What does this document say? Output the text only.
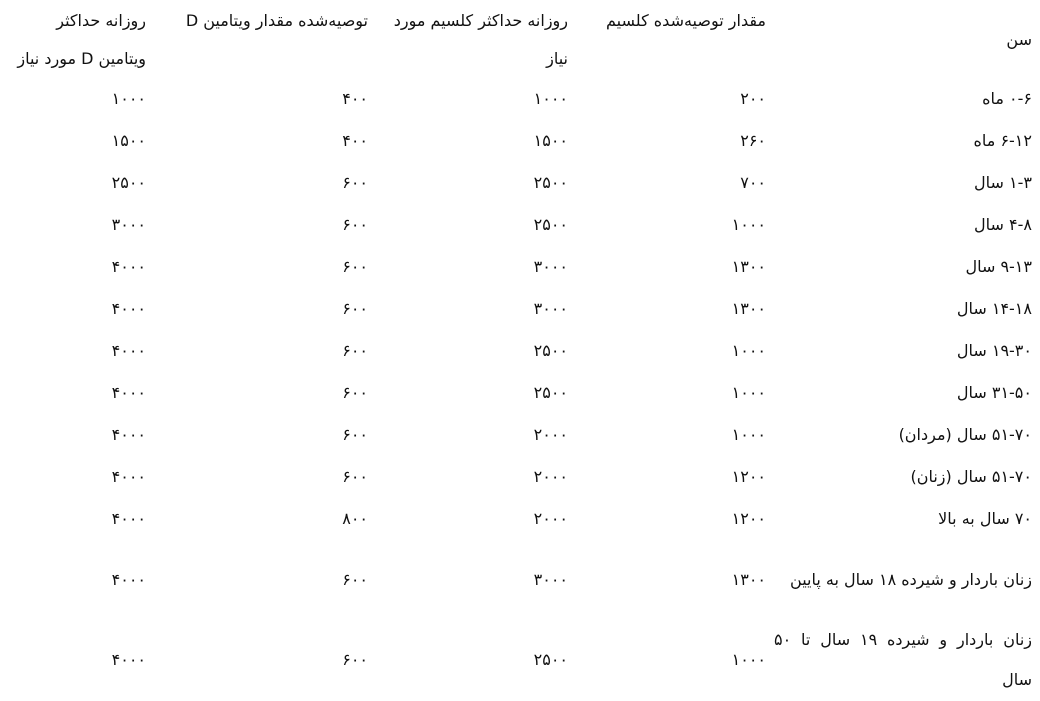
سن	مقدار توصیه‌شده کلسیم	روزانه حداکثر کلسیم مورد نیاز	توصیه‌شده مقدار ویتامین D	روزانه حداکثر ویتامین D مورد نیاز
۰-۶ ماه	۲۰۰	۱۰۰۰	۴۰۰	۱۰۰۰
۶-۱۲ ماه	۲۶۰	۱۵۰۰	۴۰۰	۱۵۰۰
۱-۳ سال	۷۰۰	۲۵۰۰	۶۰۰	۲۵۰۰
۴-۸ سال	۱۰۰۰	۲۵۰۰	۶۰۰	۳۰۰۰
۹-۱۳ سال	۱۳۰۰	۳۰۰۰	۶۰۰	۴۰۰۰
۱۴-۱۸ سال	۱۳۰۰	۳۰۰۰	۶۰۰	۴۰۰۰
۱۹-۳۰ سال	۱۰۰۰	۲۵۰۰	۶۰۰	۴۰۰۰
۳۱-۵۰ سال	۱۰۰۰	۲۵۰۰	۶۰۰	۴۰۰۰
۵۱-۷۰ سال (مردان)	۱۰۰۰	۲۰۰۰	۶۰۰	۴۰۰۰
۵۱-۷۰ سال (زنان)	۱۲۰۰	۲۰۰۰	۶۰۰	۴۰۰۰
۷۰ سال به بالا	۱۲۰۰	۲۰۰۰	۸۰۰	۴۰۰۰
زنان باردار و شیرده ۱۸ سال به پایین	۱۳۰۰	۳۰۰۰	۶۰۰	۴۰۰۰
زنان باردار و شیرده ۱۹ سال تا ۵۰ سال	۱۰۰۰	۲۵۰۰	۶۰۰	۴۰۰۰
